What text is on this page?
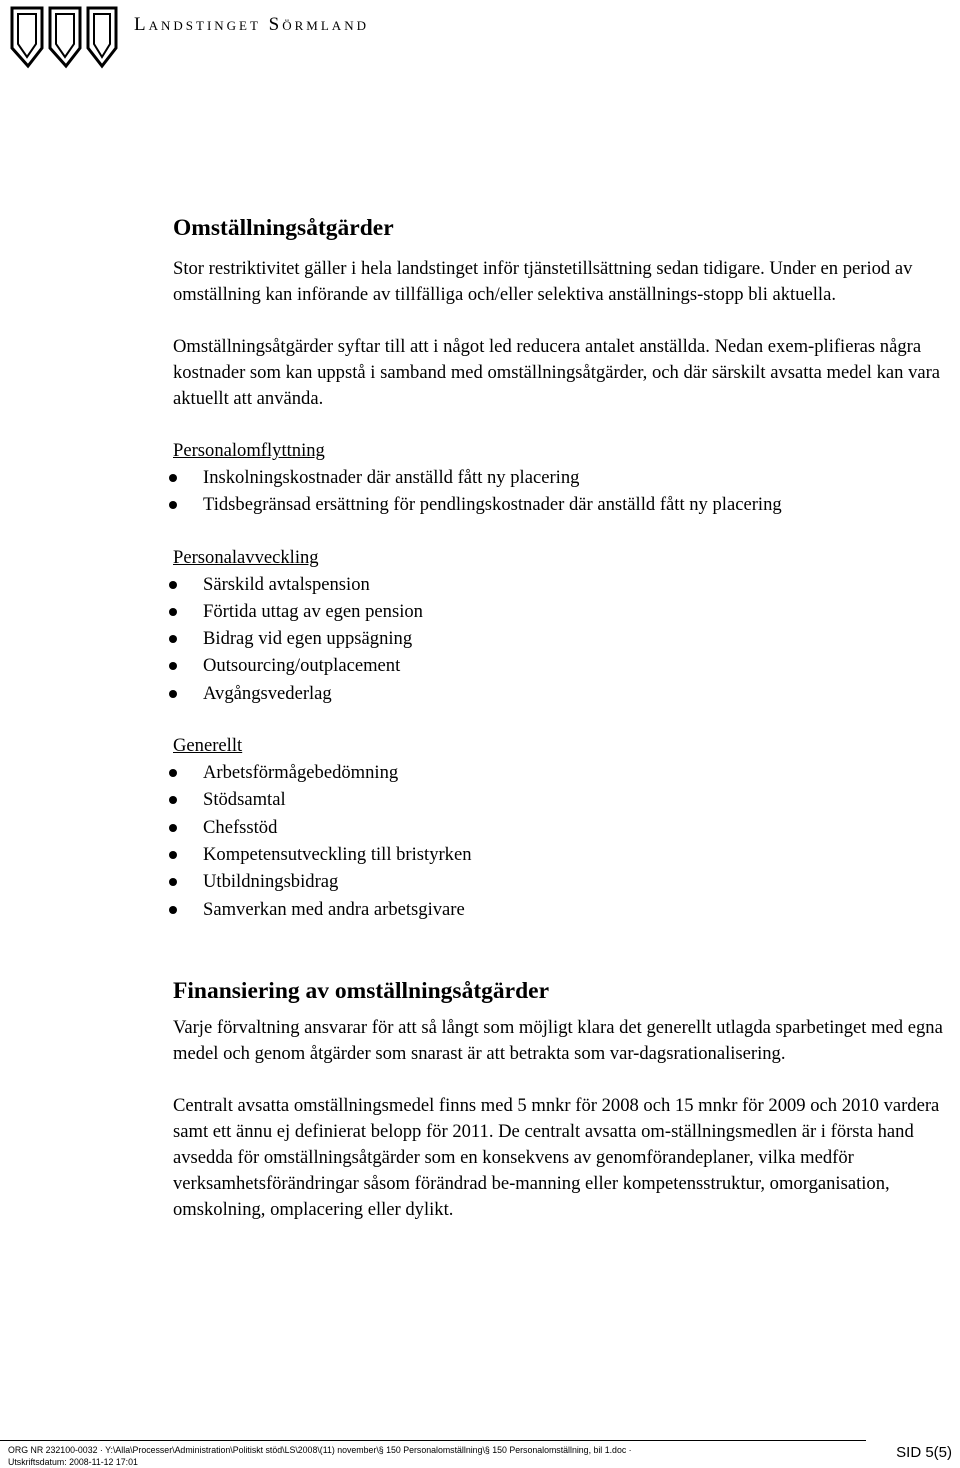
Landstinget Sörmland
Omställningsåtgärder

Stor restriktivitet gäller i hela landstinget inför tjänstetillsättning sedan tidigare. Under en period av omställning kan införande av tillfälliga och/eller selektiva anställnings-stopp bli aktuella.

Omställningsåtgärder syftar till att i något led reducera antalet anställda. Nedan exem-plifieras några kostnader som kan uppstå i samband med omställningsåtgärder, och där särskilt avsatta medel kan vara aktuellt att använda.

Personalomflyttning

Inskolningskostnader där anställd fått ny placering
Tidsbegränsad ersättning för pendlingskostnader där anställd fått ny placering

Personalavveckling

Särskild avtalspension
Förtida uttag av egen pension
Bidrag vid egen uppsägning
Outsourcing/outplacement
Avgångsvederlag

Generellt

Arbetsförmågebedömning
Stödsamtal
Chefsstöd
Kompetensutveckling till bristyrken
Utbildningsbidrag
Samverkan med andra arbetsgivare
Finansiering av omställningsåtgärder

Varje förvaltning ansvarar för att så långt som möjligt klara det generellt utlagda sparbetinget med egna medel och genom åtgärder som snarast är att betrakta som var-dagsrationalisering.

Centralt avsatta omställningsmedel finns med 5 mnkr för 2008 och 15 mnkr för 2009 och 2010 vardera samt ett ännu ej definierat belopp för 2011. De centralt avsatta om-ställningsmedlen är i första hand avsedda för omställningsåtgärder som en konsekvens av genomförandeplaner, vilka medför verksamhetsförändringar såsom förändrad be-manning eller kompetensstruktur, omorganisation, omskolning, omplacering eller dylikt.

ORG NR 232100-0032 · Y:\Alla\Processer\Administration\Politiskt stöd\LS\2008\(11) november\§ 150 Personalomställning\§ 150 Personalomställning, bil 1.doc ·
Utskriftsdatum: 2008-11-12 17:01
SID 5(5)
